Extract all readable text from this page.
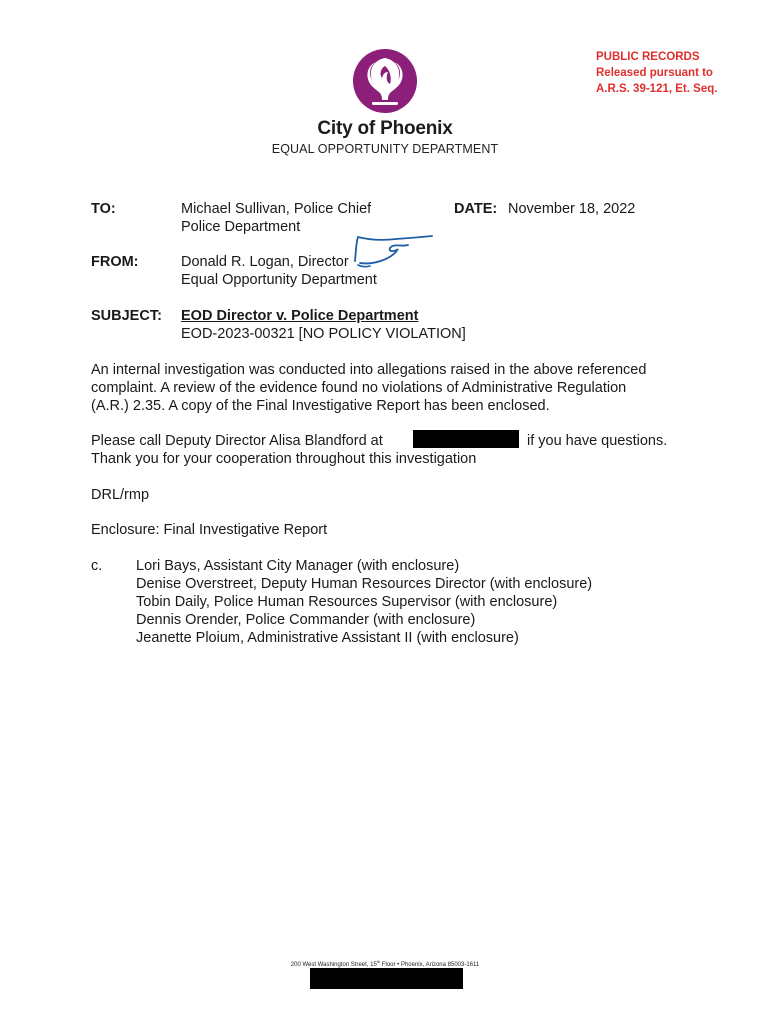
PUBLIC RECORDS
Released pursuant to
A.R.S. 39-121, Et. Seq.
City of Phoenix
EQUAL OPPORTUNITY DEPARTMENT
TO:	Michael Sullivan, Police Chief
Police Department
DATE: November 18, 2022
FROM:	Donald R. Logan, Director
Equal Opportunity Department
SUBJECT: EOD Director v. Police Department
EOD-2023-00321 [NO POLICY VIOLATION]
An internal investigation was conducted into allegations raised in the above referenced
complaint. A review of the evidence found no violations of Administrative Regulation
(A.R.) 2.35. A copy of the Final Investigative Report has been enclosed.
Please call Deputy Director Alisa Blandford at	if you have questions.
Thank you for your cooperation throughout this investigation
DRL/rmp
Enclosure: Final Investigative Report
c. Lori Bays, Assistant City Manager (with enclosure)
Denise Overstreet, Deputy Human Resources Director (with enclosure)
Tobin Daily, Police Human Resources Supervisor (with enclosure)
Dennis Orender, Police Commander (with enclosure)
Jeanette Ploium, Administrative Assistant II (with enclosure)
200 West Washington Street, 15th Floor • Phoenix, Arizona 85003-1611
